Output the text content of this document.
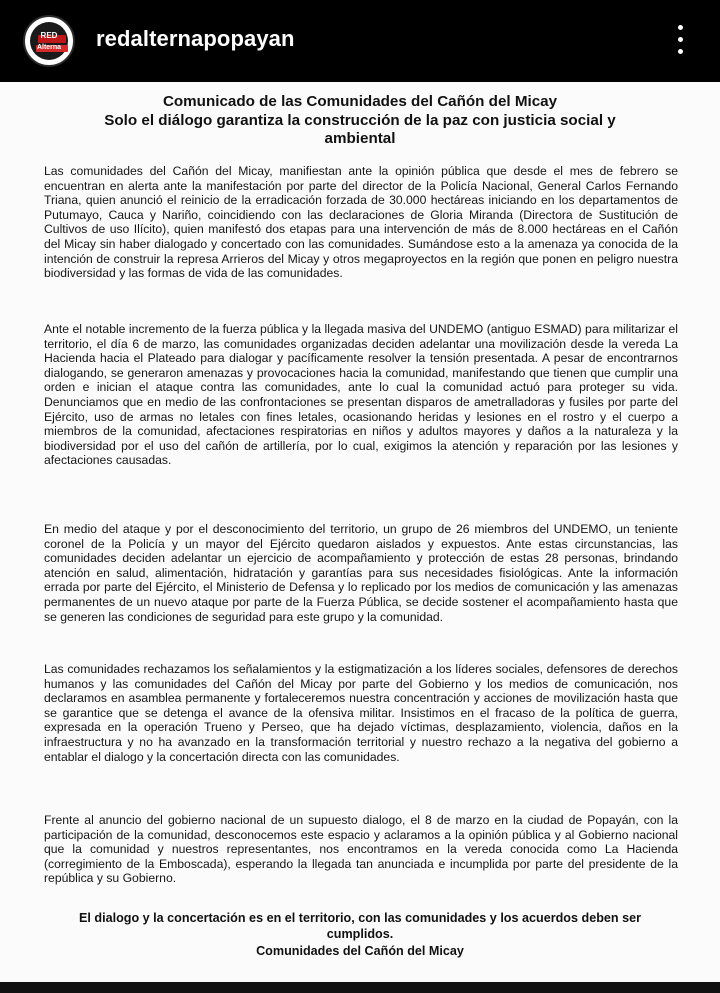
RED
Alterna	redalternapopayan
Comunicado de las Comunidades del Cañón del Micay
Solo el diálogo garantiza la construcción de la paz con justicia social y
ambiental

Las comunidades del Cañón del Micay, manifiestan ante la opinión pública que desde el mes de febrero se encuentran en alerta ante la manifestación por parte del director de la Policía Nacional, General Carlos Fernando Triana, quien anunció el reinicio de la erradicación forzada de 30.000 hectáreas iniciando en los departamentos de Putumayo, Cauca y Nariño, coincidiendo con las declaraciones de Gloria Miranda (Directora de Sustitución de Cultivos de uso Ilícito), quien manifestó dos etapas para una intervención de más de 8.000 hectáreas en el Cañón del Micay sin haber dialogado y concertado con las comunidades. Sumándose esto a la amenaza ya conocida de la intención de construir la represa Arrieros del Micay y otros megaproyectos en la región que ponen en peligro nuestra biodiversidad y las formas de vida de las comunidades.

Ante el notable incremento de la fuerza pública y la llegada masiva del UNDEMO (antiguo ESMAD) para militarizar el territorio, el día 6 de marzo, las comunidades organizadas deciden adelantar una movilización desde la vereda La Hacienda hacia el Plateado para dialogar y pacíficamente resolver la tensión presentada. A pesar de encontrarnos dialogando, se generaron amenazas y provocaciones hacia la comunidad, manifestando que tienen que cumplir una orden e inician el ataque contra las comunidades, ante lo cual la comunidad actuó para proteger su vida. Denunciamos que en medio de las confrontaciones se presentan disparos de ametralladoras y fusiles por parte del Ejército, uso de armas no letales con fines letales, ocasionando heridas y lesiones en el rostro y el cuerpo a miembros de la comunidad, afectaciones respiratorias en niños y adultos mayores y daños a la naturaleza y la biodiversidad por el uso del cañón de artillería, por lo cual, exigimos la atención y reparación por las lesiones y afectaciones causadas.

En medio del ataque y por el desconocimiento del territorio, un grupo de 26 miembros del UNDEMO, un teniente coronel de la Policía y un mayor del Ejército quedaron aislados y expuestos. Ante estas circunstancias, las comunidades deciden adelantar un ejercicio de acompañamiento y protección de estas 28 personas, brindando atención en salud, alimentación, hidratación y garantías para sus necesidades fisiológicas. Ante la información errada por parte del Ejército, el Ministerio de Defensa y lo replicado por los medios de comunicación y las amenazas permanentes de un nuevo ataque por parte de la Fuerza Pública, se decide sostener el acompañamiento hasta que se generen las condiciones de seguridad para este grupo y la comunidad.

Las comunidades rechazamos los señalamientos y la estigmatización a los líderes sociales, defensores de derechos humanos y las comunidades del Cañón del Micay por parte del Gobierno y los medios de comunicación, nos declaramos en asamblea permanente y fortaleceremos nuestra concentración y acciones de movilización hasta que se garantice que se detenga el avance de la ofensiva militar. Insistimos en el fracaso de la política de guerra, expresada en la operación Trueno y Perseo, que ha dejado víctimas, desplazamiento, violencia, daños en la infraestructura y no ha avanzado en la transformación territorial y nuestro rechazo a la negativa del gobierno a entablar el dialogo y la concertación directa con las comunidades.

Frente al anuncio del gobierno nacional de un supuesto dialogo, el 8 de marzo en la ciudad de Popayán, con la participación de la comunidad, desconocemos este espacio y aclaramos a la opinión pública y al Gobierno nacional que la comunidad y nuestros representantes, nos encontramos en la vereda conocida como La Hacienda (corregimiento de la Emboscada), esperando la llegada tan anunciada e incumplida por parte del presidente de la república y su Gobierno.

El dialogo y la concertación es en el territorio, con las comunidades y los acuerdos deben ser
cumplidos.
Comunidades del Cañón del Micay
